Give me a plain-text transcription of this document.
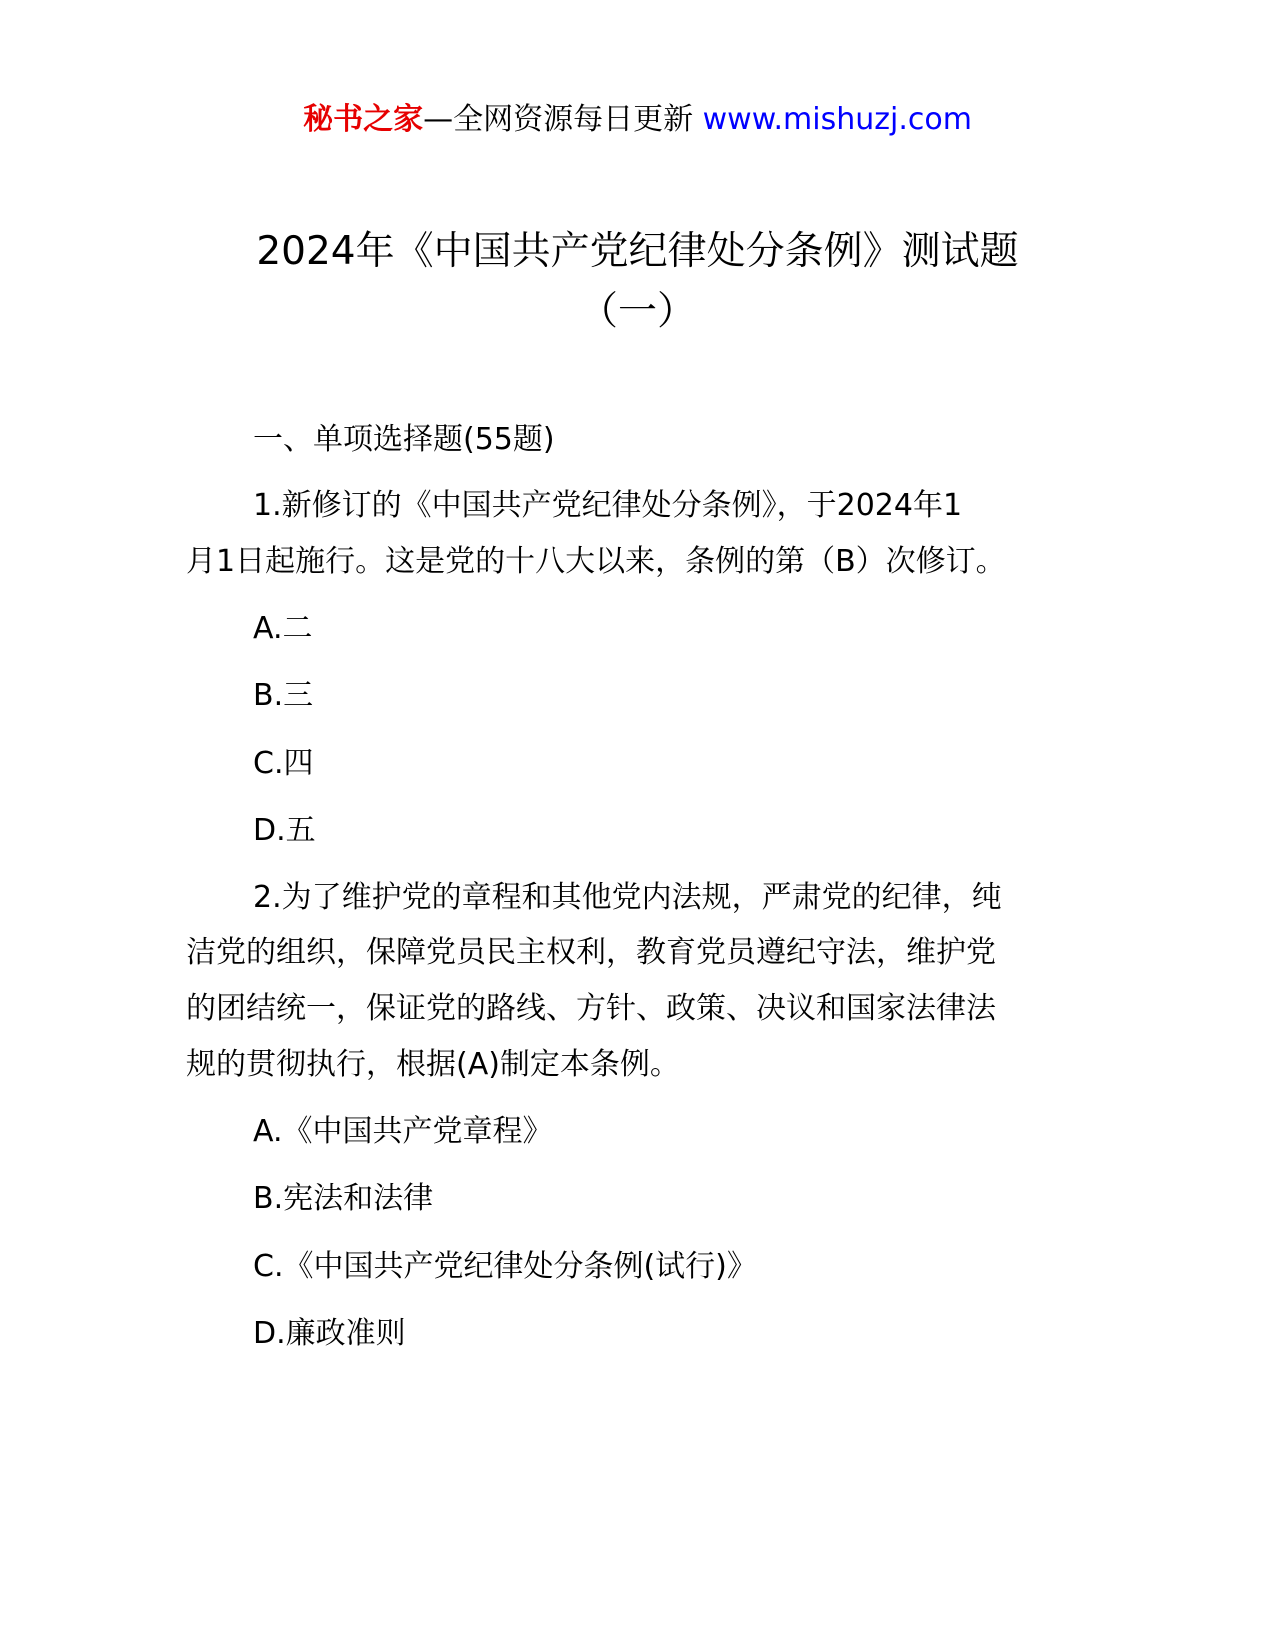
秘书之家—全网资源每日更新 www.mishuzj.com
2024年《中国共产党纪律处分条例》测试题
（一）
一、单项选择题(55题)
1.新修订的《中国共产党纪律处分条例》，于2024年1
月1日起施行。这是党的十八大以来，条例的第（B）次修订。
A.二
B.三
C.四
D.五
2.为了维护党的章程和其他党内法规，严肃党的纪律，纯
洁党的组织，保障党员民主权利，教育党员遵纪守法，维护党
的团结统一，保证党的路线、方针、政策、决议和国家法律法
规的贯彻执行，根据(A)制定本条例。
A.《中国共产党章程》
B.宪法和法律
C.《中国共产党纪律处分条例(试行)》
D.廉政准则
